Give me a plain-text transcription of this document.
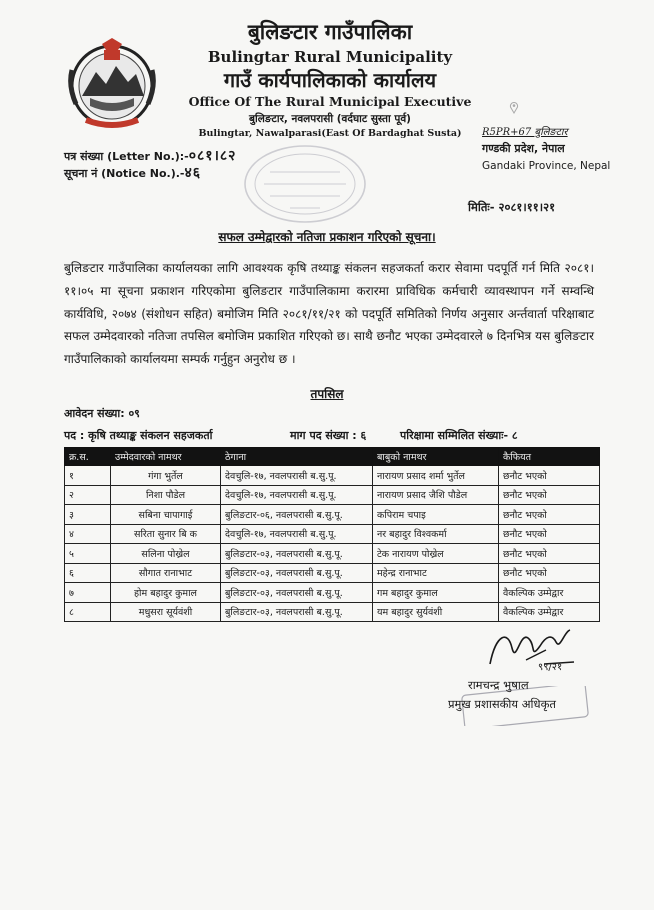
बुलिङटार गाउँपालिका
Bulingtar Rural Municipality
गाउँ कार्यपालिकाको कार्यालय
Office Of The Rural Municipal Executive
बुलिङटार, नवलपरासी (वर्दघाट सुस्ता पूर्व)
Bulingtar, Nawalparasi(East Of Bardaghat Susta)	R5PR+67 बुलिङटार
गण्डकी प्रदेश, नेपाल
Gandaki Province, Nepal
पत्र संख्या (Letter No.):-०८१।८२
सूचना नं (Notice No.).-४६
मितिः- २०८१।११।२१
सफल उम्मेद्वारको नतिजा प्रकाशन गरिएको सूचना।
बुलिङटार गाउँपालिका कार्यालयका लागि आवश्यक कृषि तथ्याङ्क संकलन सहजकर्ता करार सेवामा पदपूर्ति गर्न मिति २०८१।११।०५ मा सूचना प्रकाशन गरिएकोमा बुलिङटार गाउँपालिकामा करारमा प्राविधिक कर्मचारी व्यावस्थापन गर्ने सम्वन्धि कार्यविधि, २०७४ (संशोधन सहित) बमोजिम मिति २०८१/११/२१ को पदपूर्ति समितिको निर्णय अनुसार अर्न्तवार्ता परिक्षाबाट सफल उम्मेदवारको नतिजा तपसिल बमोजिम प्रकाशित गरिएको छ। साथै छनौट भएका उम्मेदवारले ७ दिनभित्र यस बुलिङटार गाउँपालिकाको कार्यालयमा सम्पर्क गर्नुहुन अनुरोध छ ।
तपसिल
आवेदन संख्या: ०९
पद : कृषि तथ्याङ्क संकलन सहजकर्ता	माग पद संख्या : ६	परिक्षामा सम्मिलित संख्याः- ८
क्र.स.	उम्मेदवारको नामथर	ठेगाना	बाबुको नामथर	कैफियत
१	गंगा भुर्तेल	देवचुलि-१७, नवलपरासी ब.सु.पू.	नारायण प्रसाद शर्मा भुर्तेल	छनौट भएको
२	निशा पौडेल	देवचुलि-१७, नवलपरासी ब.सु.पू.	नारायण प्रसाद जैशि पौडेल	छनौट भएको
३	सबिना चापागाई	बुलिङटार-०६, नवलपरासी ब.सु.पू.	कपिराम चपाइ	छनौट भएको
४	सरिता सुनार बि क	देवचुलि-१७, नवलपरासी ब.सु.पू.	नर बहादुर विश्वकर्मा	छनौट भएको
५	सलिना पोख्रेल	बुलिङटार-०३, नवलपरासी ब.सु.पू.	टेक नारायण पोख्रेल	छनौट भएको
६	सौगात रानाभाट	बुलिङटार-०३, नवलपरासी ब.सु.पू.	महेन्द्र रानाभाट	छनौट भएको
७	होम बहादुर कुमाल	बुलिङटार-०३, नवलपरासी ब.सु.पू.	गम बहादुर कुमाल	वैकल्पिक उम्मेद्वार
८	मधुसरा सूर्यवंशी	बुलिङटार-०३, नवलपरासी ब.सु.पू.	यम बहादुर सुर्यवंशी	वैकल्पिक उम्मेद्वार
९९/२१
रामचन्द्र भुषाल
प्रमुख प्रशासकीय अधिकृत
